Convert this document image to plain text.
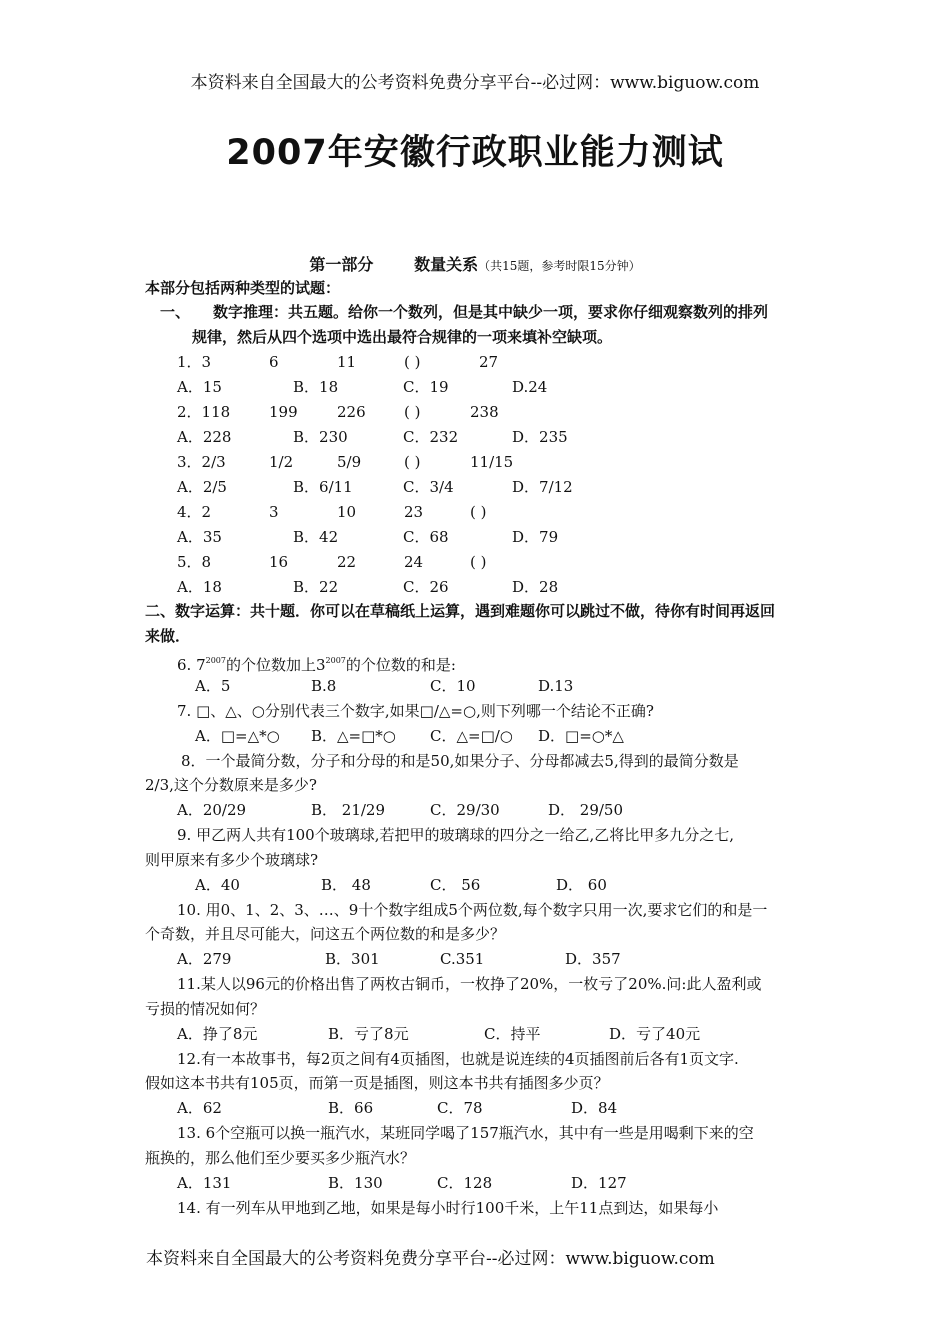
本资料来自全国最大的公考资料免费分享平台--必过网：www.biguow.com
2007年安徽行政职业能力测试
第一部分	数量关系（共15题，参考时限15分钟）
本部分包括两种类型的试题：
一、 数字推理：共五题。给你一个数列，但是其中缺少一项，要求你仔细观察数列的排列
规律，然后从四个选项中选出最符合规律的一项来填补空缺项。
1．3	6	11	( )	27
A．15	B．18	C．19	D.24
2．118	199	226	( )	238
A．228	B．230	C．232	D．235
3．2/3	1/2	5/9	( )	11/15
A．2/5	B．6/11	C．3/4	D．7/12
4．2	3	10	23	( )
A．35	B．42	C．68	D．79
5．8	16	22	24	( )
A．18	B．22	C．26	D．28
二、数字运算：共十题．你可以在草稿纸上运算，遇到难题你可以跳过不做，待你有时间再返回
来做．
6. $7^{2007}$的个位数加上$3^{2007}$的个位数的和是:
A．5	B.8	C．10	D.13
7. □、△、○分别代表三个数字,如果□/△=○,则下列哪一个结论不正确?
A．□=△*○ B．△=□*○ C．△=□/○ D．□=○*△
8．一个最简分数，分子和分母的和是50,如果分子、分母都减去5,得到的最简分数是
2/3,这个分数原来是多少?
A．20/29	B． 21/29	C．29/30	D． 29/50
9. 甲乙两人共有100个玻璃球,若把甲的玻璃球的四分之一给乙,乙将比甲多九分之七,
则甲原来有多少个玻璃球?
A．40	B． 48	C． 56	D． 60
10. 用0、1、2、3、…、9十个数字组成5个两位数,每个数字只用一次,要求它们的和是一
个奇数，并且尽可能大，问这五个两位数的和是多少？
A．279	B．301	C.351	D．357
11.某人以96元的价格出售了两枚古铜币，一枚挣了20%，一枚亏了20%.问:此人盈利或
亏损的情况如何？
A．挣了8元	B．亏了8元	C．持平	D．亏了40元
12.有一本故事书，每2页之间有4页插图，也就是说连续的4页插图前后各有1页文字.
假如这本书共有105页，而第一页是插图，则这本书共有插图多少页？
A．62	B．66	C．78	D．84
13. 6个空瓶可以换一瓶汽水，某班同学喝了157瓶汽水，其中有一些是用喝剩下来的空
瓶换的，那么他们至少要买多少瓶汽水？
A．131	B．130	C．128	D．127
14. 有一列车从甲地到乙地，如果是每小时行100千米，上午11点到达，如果每小
本资料来自全国最大的公考资料免费分享平台--必过网：www.biguow.com
